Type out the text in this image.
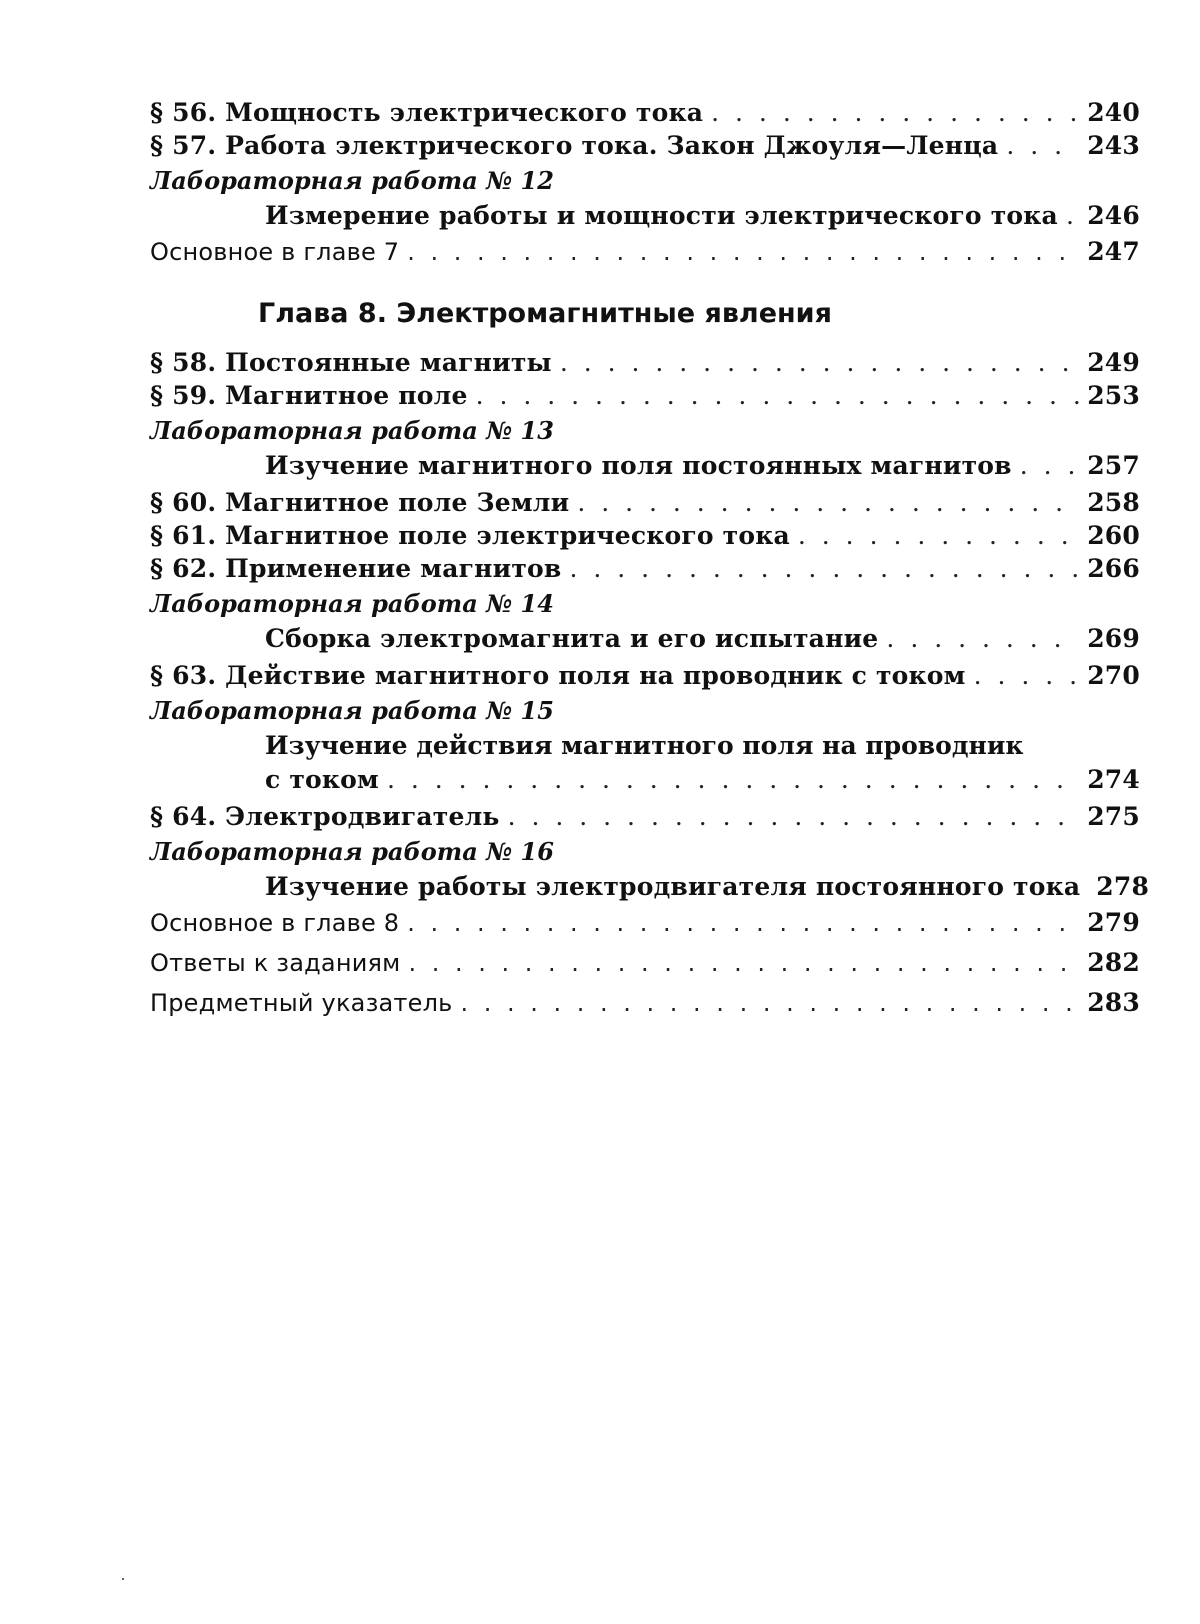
§ 56. Мощность электрического тока
. . .	240
§ 57. Работа электрического тока. Закон Джоуля—Ленца
. . .	243
Лабораторная работа № 12
Измерение работы и мощности электрического тока
. . . 246
Основное в главе 7
. . .	247
Глава 8. Электромагнитные явления
§ 58. Постоянные магниты
. . .	249
§ 59. Магнитное поле
. . .	253
Лабораторная работа № 13
Изучение магнитного поля постоянных магнитов
. . .	257
§ 60. Магнитное поле Земли
. . .	258
§ 61. Магнитное поле электрического тока
. . .	260
§ 62. Применение магнитов
. . .	266
Лабораторная работа № 14
Сборка электромагнита и его испытание
. . .	269
§ 63. Действие магнитного поля на проводник с током
. . .	270
Лабораторная работа № 15
Изучение действия магнитного поля на проводник
с током
. . .	274
§ 64. Электродвигатель
. . .	275
Лабораторная работа № 16
Изучение работы электродвигателя постоянного тока 278
Основное в главе 8
. . .	279
Ответы к заданиям
. . .	282
Предметный указатель
. . .	283
